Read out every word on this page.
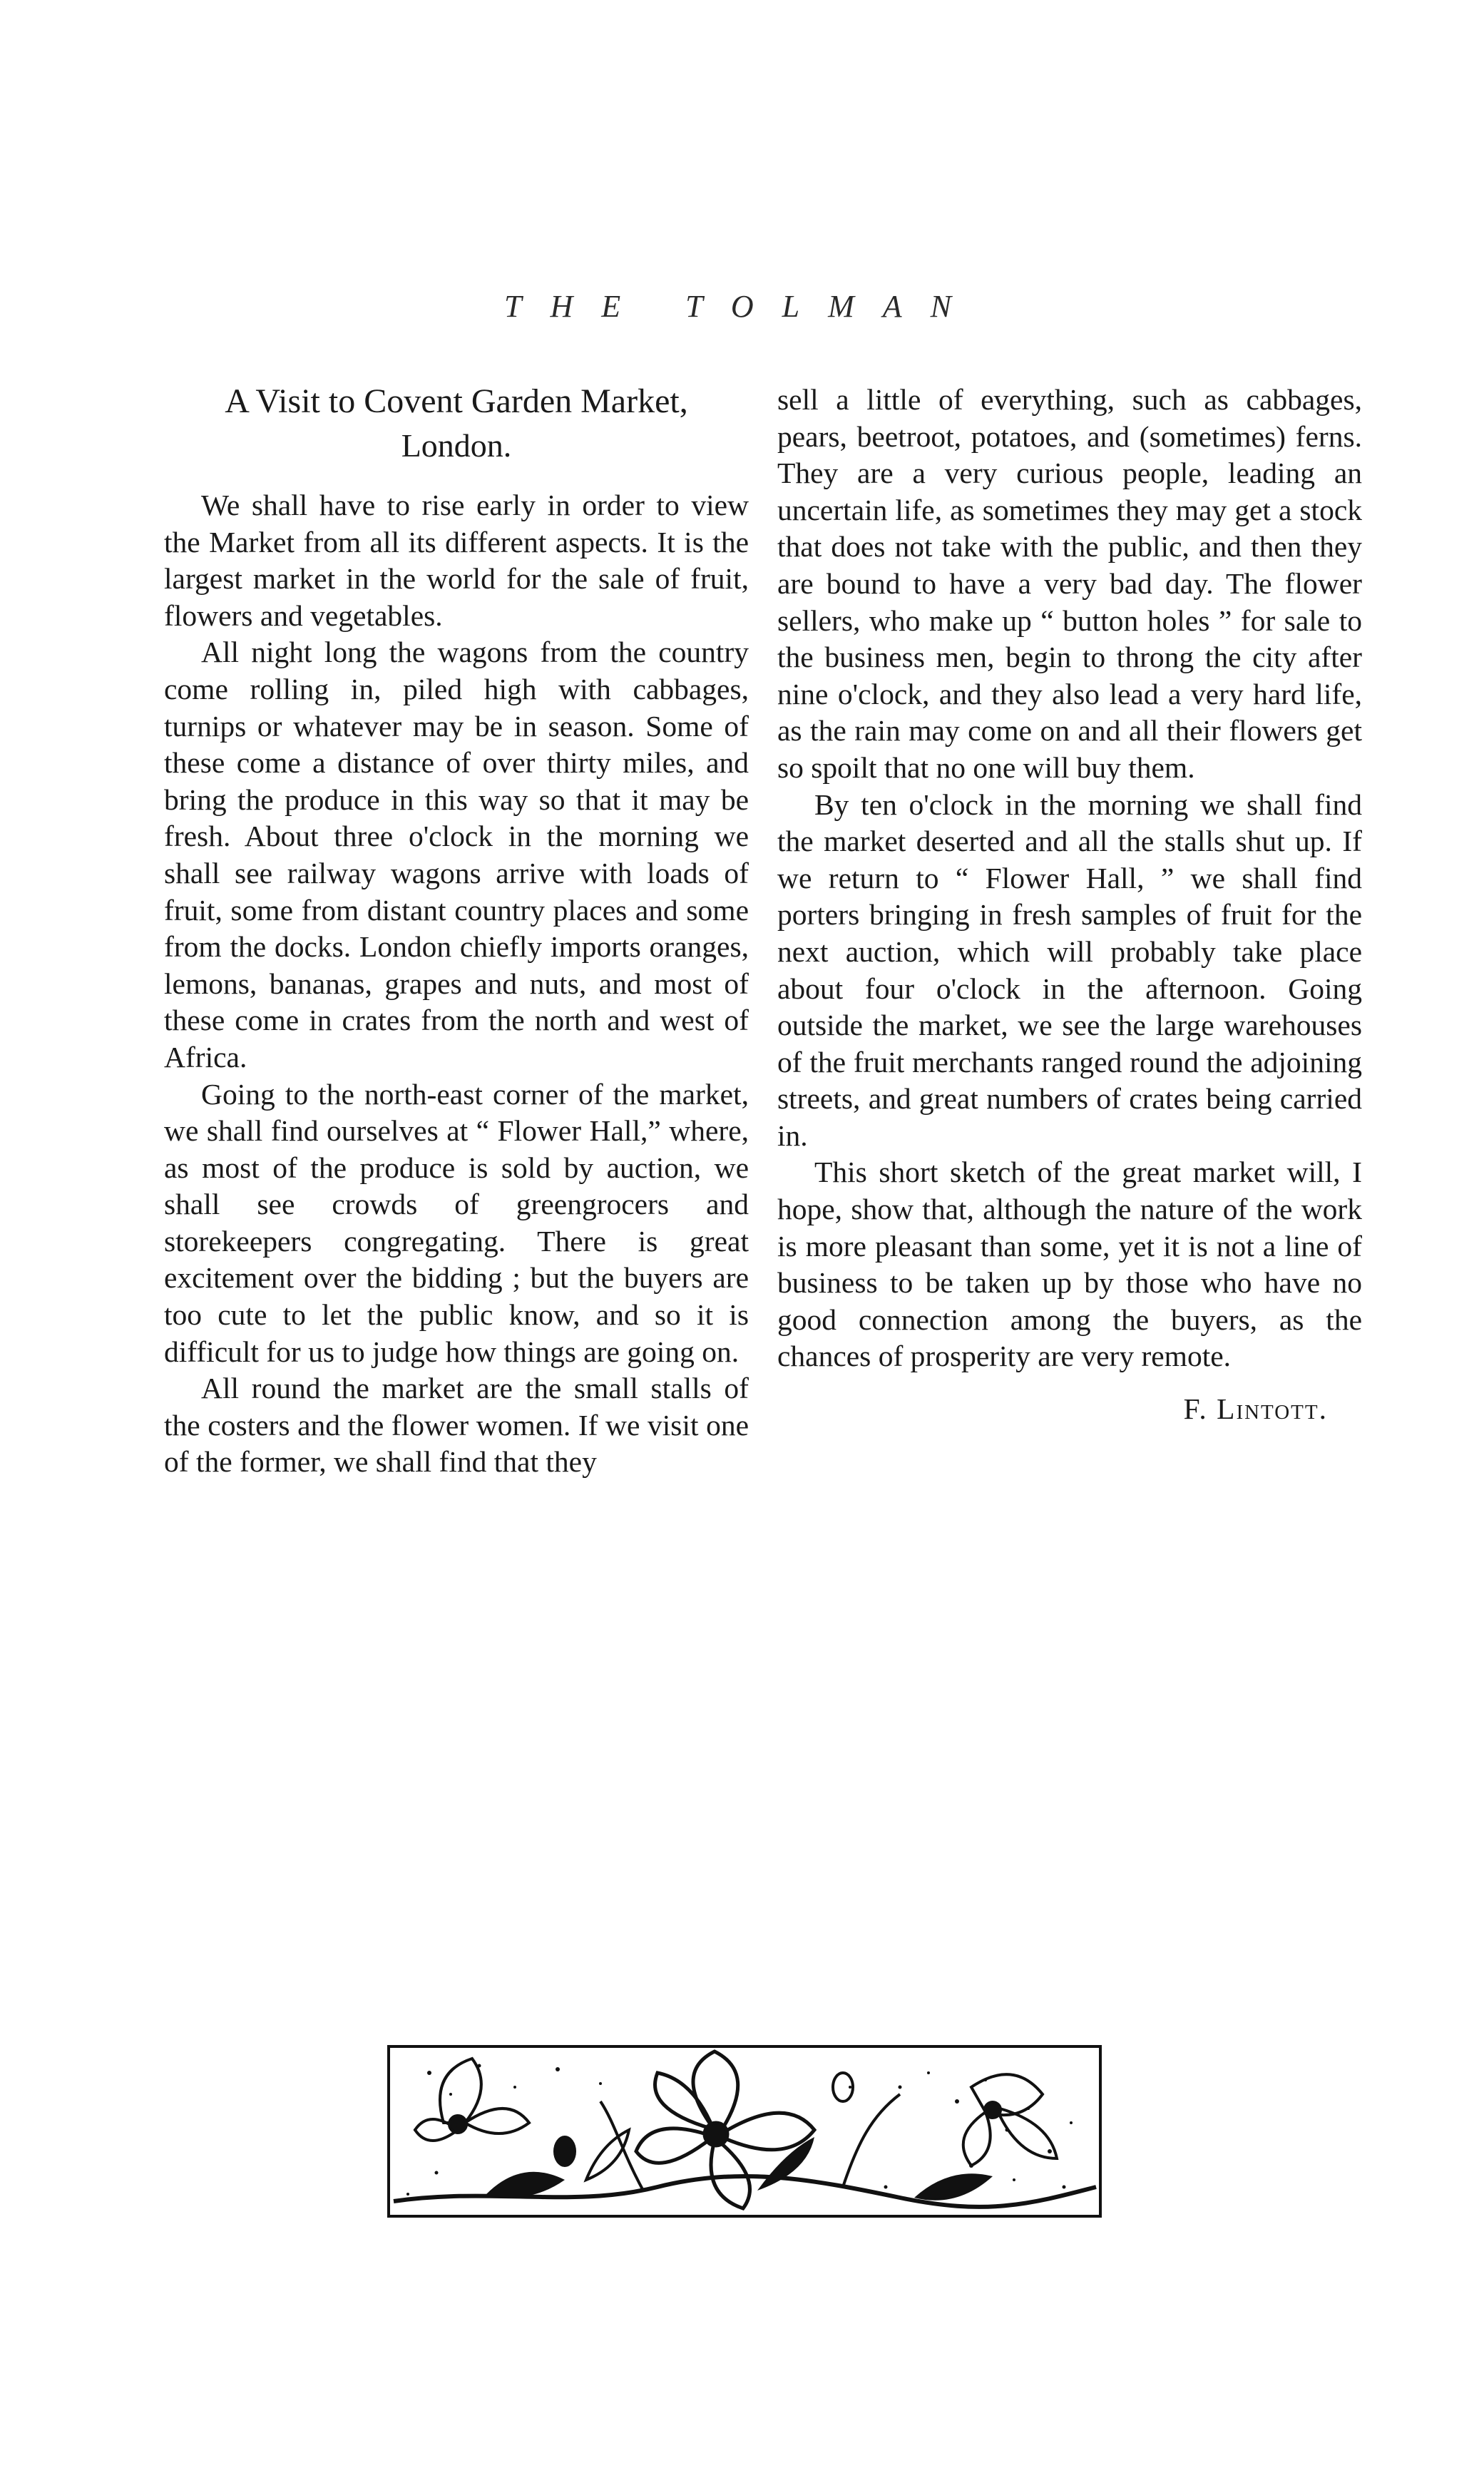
THE TOLMAN
A Visit to Covent Garden Market,
London.

We shall have to rise early in order to view the Market from all its different aspects. It is the largest market in the world for the sale of fruit, flowers and vegetables.

All night long the wagons from the country come rolling in, piled high with cabbages, turnips or whatever may be in season. Some of these come a distance of over thirty miles, and bring the produce in this way so that it may be fresh. About three o'clock in the morning we shall see railway wagons arrive with loads of fruit, some from distant country places and some from the docks. London chiefly imports oranges, lemons, bananas, grapes and nuts, and most of these come in crates from the north and west of Africa.

Going to the north-east corner of the market, we shall find ourselves at “ Flower Hall,” where, as most of the produce is sold by auction, we shall see crowds of greengrocers and storekeepers congregating. There is great excitement over the bidding ; but the buyers are too cute to let the public know, and so it is difficult for us to judge how things are going on.

All round the market are the small stalls of the costers and the flower women. If we visit one of the former, we shall find that they

sell a little of everything, such as cabbages, pears, beetroot, potatoes, and (sometimes) ferns. They are a very curious people, leading an uncertain life, as sometimes they may get a stock that does not take with the public, and then they are bound to have a very bad day. The flower sellers, who make up “ button holes ” for sale to the business men, begin to throng the city after nine o'clock, and they also lead a very hard life, as the rain may come on and all their flowers get so spoilt that no one will buy them.

By ten o'clock in the morning we shall find the market deserted and all the stalls shut up. If we return to “ Flower Hall, ” we shall find porters bringing in fresh samples of fruit for the next auction, which will probably take place about four o'clock in the afternoon. Going outside the market, we see the large warehouses of the fruit merchants ranged round the adjoining streets, and great numbers of crates being carried in.

This short sketch of the great market will, I hope, show that, although the nature of the work is more pleasant than some, yet it is not a line of business to be taken up by those who have no good connection among the buyers, as the chances of prosperity are very remote.

F. Lintott.
